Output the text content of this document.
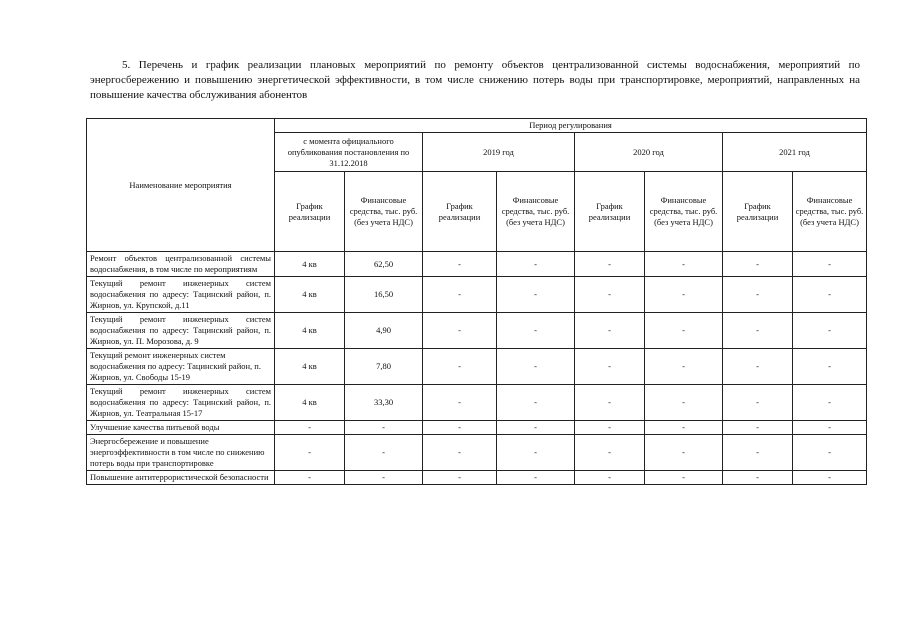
5. Перечень и график реализации плановых мероприятий по ремонту объектов централизованной системы водоснабжения, мероприятий по энергосбережению и повышению энергетической эффективности, в том числе снижению потерь воды при транспортировке, мероприятий, направленных на повышение качества обслуживания абонентов
Наименование мероприятия	Период регулирования							
	с момента официального опубликования постановления по 31.12.2018		2019 год		2020 год		2021 год	
	График реализации	Финансовые средства, тыс. руб. (без учета НДС)	График реализации	Финансовые средства, тыс. руб. (без учета НДС)	График реализации	Финансовые средства, тыс. руб. (без учета НДС)	График реализации	Финансовые средства, тыс. руб. (без учета НДС)
Ремонт объектов централизованной системы водоснабжения, в том числе по мероприятиям	4 кв	62,50	-	-	-	-	-	-
Текущий ремонт инженерных систем водоснабжения по адресу: Тацинский район, п. Жирнов, ул. Крупской, д.11	4 кв	16,50	-	-	-	-	-	-
Текущий ремонт инженерных систем водоснабжения по адресу: Тацинский район, п. Жирнов, ул. П. Морозова, д. 9	4 кв	4,90	-	-	-	-	-	-
Текущий ремонт инженерных систем водоснабжения по адресу: Тацинский район, п. Жирнов, ул. Свободы 15-19	4 кв	7,80	-	-	-	-	-	-
Текущий ремонт инженерных систем водоснабжения по адресу: Тацинский район, п. Жирнов, ул. Театральная 15-17	4 кв	33,30	-	-	-	-	-	-
Улучшение качества питьевой воды	-	-	-	-	-	-	-	-
Энергосбережение и повышение энергоэффективности в том числе по снижению потерь воды при транспортировке	-	-	-	-	-	-	-	-
Повышение антитеррористической безопасности	-	-	-	-	-	-	-	-
